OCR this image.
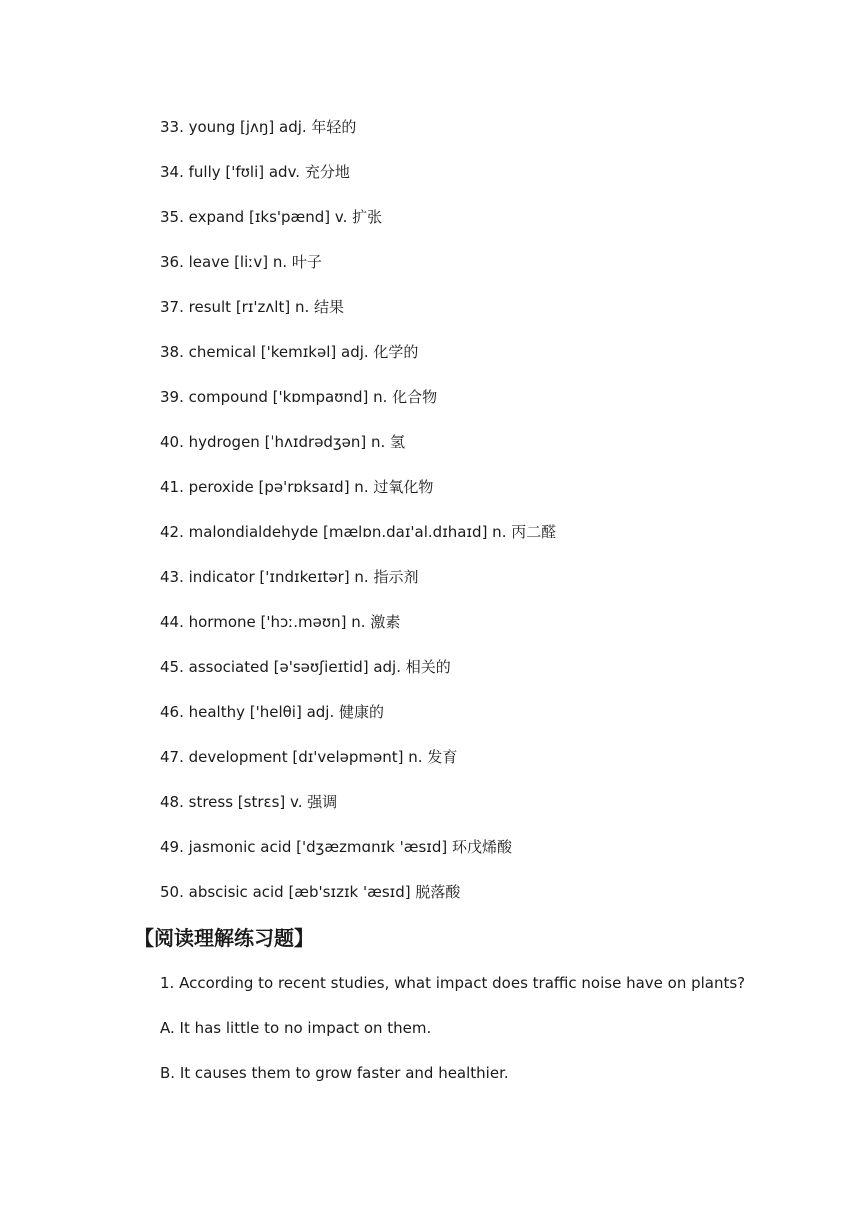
33. young [jʌŋ] adj. 年轻的
34. fully ['fʊli] adv. 充分地
35. expand [ɪks'pænd] v. 扩张
36. leave [liːv] n. 叶子
37. result [rɪ'zʌlt] n. 结果
38. chemical ['kemɪkəl] adj. 化学的
39. compound ['kɒmpaʊnd] n. 化合物
40. hydrogen [ˈhʌɪdrədʒən] n. 氢
41. peroxide [pə'rɒksaɪd] n. 过氧化物
42. malondialdehyde [mælɒn.daɪ'al.dɪhaɪd] n. 丙二醛
43. indicator ['ɪndɪkeɪtər] n. 指示剂
44. hormone ['hɔː.məʊn] n. 激素
45. associated [ə'səʊʃieɪtid] adj. 相关的
46. healthy ['helθi] adj. 健康的
47. development [dɪ'veləpmənt] n. 发育
48. stress [strɛs] v. 强调
49. jasmonic acid ['dʒæzmɑnɪk 'æsɪd] 环戊烯酸
50. abscisic acid [æb'sɪzɪk 'æsɪd] 脱落酸
【阅读理解练习题】
1. According to recent studies, what impact does traffic noise have on plants?
A. It has little to no impact on them.
B. It causes them to grow faster and healthier.
